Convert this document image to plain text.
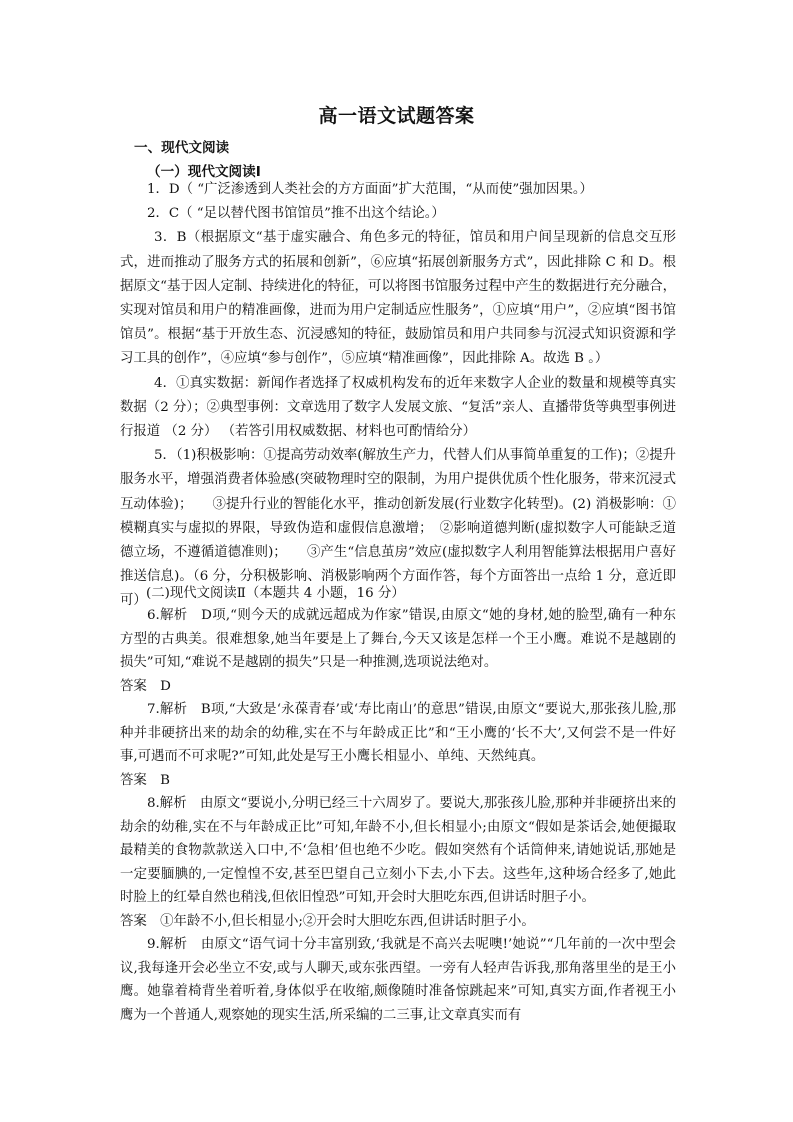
高一语文试题答案
一、现代文阅读
（一）现代文阅读Ⅰ

1．D（ “广泛渗透到人类社会的方方面面”扩大范围，“从而使”强加因果。）

2．C（ “足以替代图书馆馆员”推不出这个结论。）

3．B（根据原文“基于虚实融合、角色多元的特征，馆员和用户间呈现新的信息交互形式，进而推动了服务方式的拓展和创新”，⑥应填“拓展创新服务方式”，因此排除 C 和 D。根据原文“基于因人定制、持续进化的特征，可以将图书馆服务过程中产生的数据进行充分融合，实现对馆员和用户的精准画像，进而为用户定制适应性服务”，①应填“用户”，②应填“图书馆馆员”。根据“基于开放生态、沉浸感知的特征，鼓励馆员和用户共同参与沉浸式知识资源和学习工具的创作”，④应填“参与创作”，⑤应填“精准画像”，因此排除 A。故选 B 。）

4．①真实数据：新闻作者选择了权威机构发布的近年来数字人企业的数量和规模等真实数据（2 分）；②典型事例：文章选用了数字人发展文旅、“复活”亲人、直播带货等典型事例进行报道 （2 分） （若答引用权威数据、材料也可酌情给分）

5．（1)积极影响：①提高劳动效率(解放生产力，代替人们从事简单重复的工作)；②提升服务水平，增强消费者体验感(突破物理时空的限制，为用户提供优质个性化服务，带来沉浸式互动体验)；　　③提升行业的智能化水平，推动创新发展(行业数字化转型)。(2) 消极影响：①模糊真实与虚拟的界限，导致伪造和虚假信息激增；　②影响道德判断(虚拟数字人可能缺乏道德立场，不遵循道德准则)；　　③产生“信息茧房”效应(虚拟数字人利用智能算法根据用户喜好推送信息)。（6 分，分积极影响、消极影响两个方面作答，每个方面答出一点给 1 分，意近即可） (二)现代文阅读Ⅱ（本题共 4 小题，16 分）

6.解析　D项,“则今天的成就远超成为作家”错误,由原文“她的身材,她的脸型,确有一种东方型的古典美。很难想象,她当年要是上了舞台,今天又该是怎样一个王小鹰。难说不是越剧的损失”可知,“难说不是越剧的损失”只是一种推测,选项说法绝对。

答案　D

7.解析　B项,“大致是‘永葆青春’或‘寿比南山’的意思”错误,由原文“要说大,那张孩儿脸,那种并非硬挤出来的劫余的幼稚,实在不与年龄成正比”和“王小鹰的‘长不大’,又何尝不是一件好事,可遇而不可求呢?”可知,此处是写王小鹰长相显小、单纯、天然纯真。

答案　B

8.解析　由原文“要说小,分明已经三十六周岁了。要说大,那张孩儿脸,那种并非硬挤出来的劫余的幼稚,实在不与年龄成正比”可知,年龄不小,但长相显小;由原文“假如是茶话会,她便撮取最精美的食物款款送入口中,不‘急相’但也绝不少吃。假如突然有个话筒伸来,请她说话,那她是一定要腼腆的,一定惶惶不安,甚至巴望自己立刻小下去,小下去。这些年,这种场合经多了,她此时脸上的红晕自然也稍浅,但依旧惶恐”可知,开会时大胆吃东西,但讲话时胆子小。

答案　①年龄不小,但长相显小;②开会时大胆吃东西,但讲话时胆子小。

9.解析　由原文“语气词十分丰富别致,‘我就是不高兴去呢噢!’她说”“几年前的一次中型会议,我每逢开会必坐立不安,或与人聊天,或东张西望。一旁有人轻声告诉我,那角落里坐的是王小鹰。她靠着椅背坐着听着,身体似乎在收缩,颇像随时准备惊跳起来”可知,真实方面,作者视王小鹰为一个普通人,观察她的现实生活,所采编的二三事,让文章真实而有
